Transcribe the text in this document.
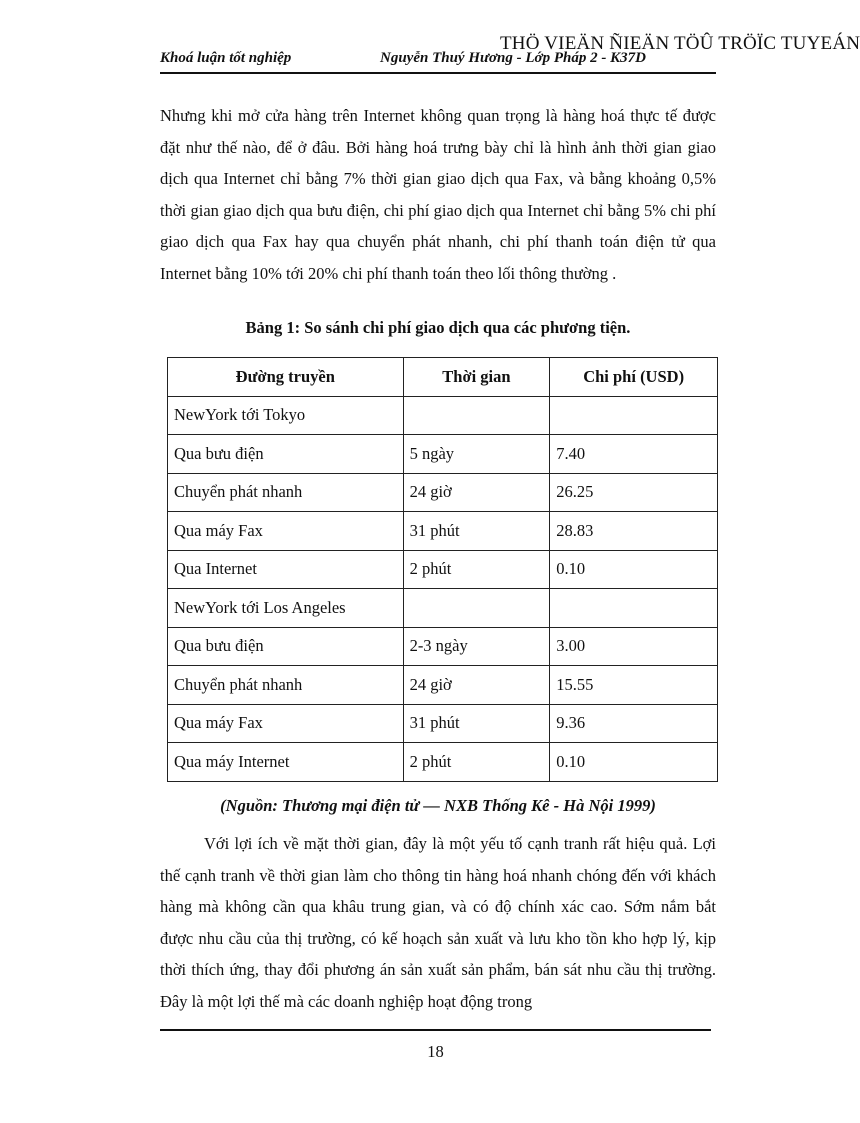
THÖ VIEÄN ÑIEÄN TÖÛ TRÖÏC TUYEÁN
Khoá luận tốt nghiệp	Nguyễn Thuý Hương - Lớp Pháp 2 - K37D

Nhưng khi mở cửa hàng trên Internet không quan trọng là hàng hoá thực tế được đặt như thế nào, để ở đâu. Bởi hàng hoá trưng bày chỉ là hình ảnh thời gian giao dịch qua Internet chỉ bằng 7% thời gian giao dịch qua Fax, và bằng khoảng 0,5% thời gian giao dịch qua bưu điện, chi phí giao dịch qua Internet chỉ bằng 5% chi phí giao dịch qua Fax hay qua chuyển phát nhanh, chi phí thanh toán điện tử qua Internet bằng 10% tới 20% chi phí thanh toán theo lối thông thường .

Bảng 1: So sánh chi phí giao dịch qua các phương tiện.
Đường truyền	Thời gian	Chi phí (USD)
NewYork tới Tokyo		
Qua bưu điện	5 ngày	7.40
Chuyển phát nhanh	24 giờ	26.25
Qua máy Fax	31 phút	28.83
Qua Internet	2 phút	0.10
NewYork tới Los Angeles		
Qua bưu điện	2-3 ngày	3.00
Chuyển phát nhanh	24 giờ	15.55
Qua máy Fax	31 phút	9.36
Qua máy Internet	2 phút	0.10
(Nguồn: Thương mại điện tử — NXB Thống Kê - Hà Nội 1999)

Với lợi ích về mặt thời gian, đây là một yếu tố cạnh tranh rất hiệu quả. Lợi thế cạnh tranh về thời gian làm cho thông tin hàng hoá nhanh chóng đến với khách hàng mà không cần qua khâu trung gian, và có độ chính xác cao. Sớm nắm bắt được nhu cầu của thị trường, có kế hoạch sản xuất và lưu kho tồn kho hợp lý, kịp thời thích ứng, thay đổi phương án sản xuất sản phẩm, bán sát nhu cầu thị trường. Đây là một lợi thế mà các doanh nghiệp hoạt động trong

18
